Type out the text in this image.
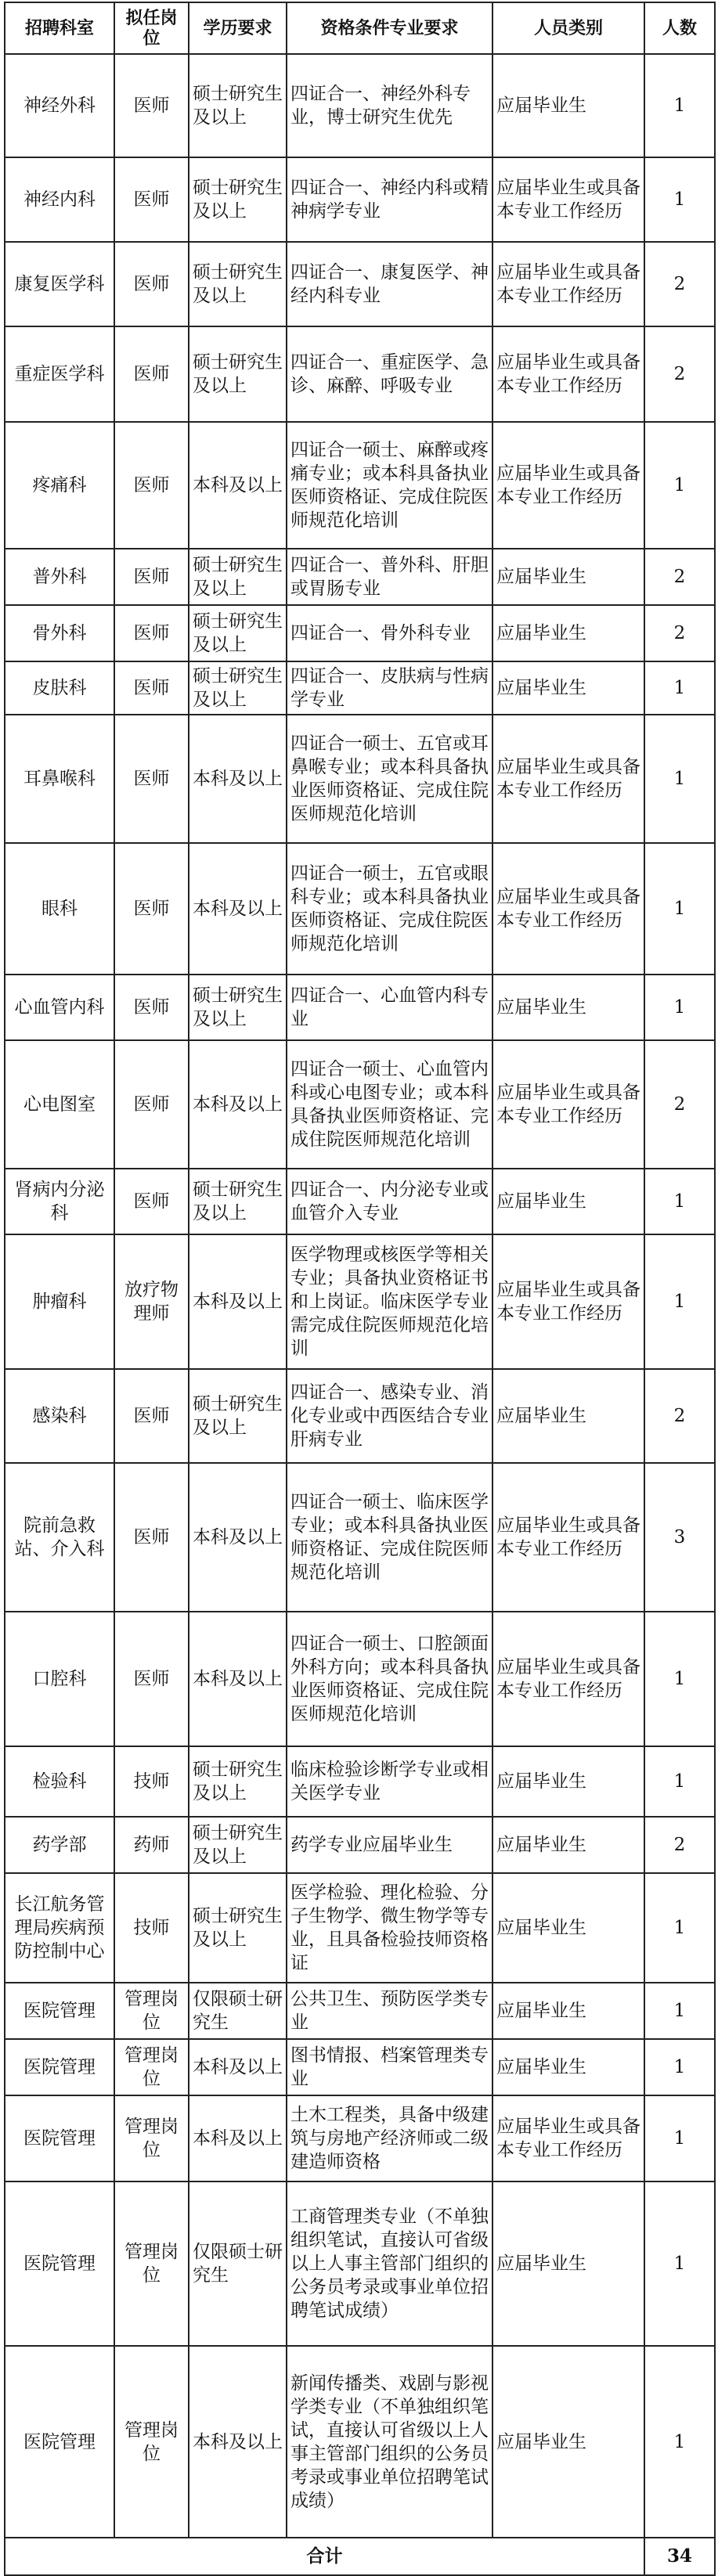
招聘科室	拟任岗位	学历要求	资格条件专业要求	人员类别	人数
神经外科	医师	硕士研究生及以上	四证合一、神经外科专业，博士研究生优先	应届毕业生	1
神经内科	医师	硕士研究生及以上	四证合一、神经内科或精神病学专业	应届毕业生或具备本专业工作经历	1
康复医学科	医师	硕士研究生及以上	四证合一、康复医学、神经内科专业	应届毕业生或具备本专业工作经历	2
重症医学科	医师	硕士研究生及以上	四证合一、重症医学、急诊、麻醉、呼吸专业	应届毕业生或具备本专业工作经历	2
疼痛科	医师	本科及以上	四证合一硕士、麻醉或疼痛专业；或本科具备执业医师资格证、完成住院医师规范化培训	应届毕业生或具备本专业工作经历	1
普外科	医师	硕士研究生及以上	四证合一、普外科、肝胆或胃肠专业	应届毕业生	2
骨外科	医师	硕士研究生及以上	四证合一、骨外科专业	应届毕业生	2
皮肤科	医师	硕士研究生及以上	四证合一、皮肤病与性病学专业	应届毕业生	1
耳鼻喉科	医师	本科及以上	四证合一硕士、五官或耳鼻喉专业；或本科具备执业医师资格证、完成住院医师规范化培训	应届毕业生或具备本专业工作经历	1
眼科	医师	本科及以上	四证合一硕士，五官或眼科专业；或本科具备执业医师资格证、完成住院医师规范化培训	应届毕业生或具备本专业工作经历	1
心血管内科	医师	硕士研究生及以上	四证合一、心血管内科专业	应届毕业生	1
心电图室	医师	本科及以上	四证合一硕士、心血管内科或心电图专业；或本科具备执业医师资格证、完成住院医师规范化培训	应届毕业生或具备本专业工作经历	2
肾病内分泌科	医师	硕士研究生及以上	四证合一、内分泌专业或血管介入专业	应届毕业生	1
肿瘤科	放疗物理师	本科及以上	医学物理或核医学等相关专业；具备执业资格证书和上岗证。临床医学专业需完成住院医师规范化培训	应届毕业生或具备本专业工作经历	1
感染科	医师	硕士研究生及以上	四证合一、感染专业、消化专业或中西医结合专业肝病专业	应届毕业生	2
院前急救站、介入科	医师	本科及以上	四证合一硕士、临床医学专业；或本科具备执业医师资格证、完成住院医师规范化培训	应届毕业生或具备本专业工作经历	3
口腔科	医师	本科及以上	四证合一硕士、口腔颌面外科方向；或本科具备执业医师资格证、完成住院医师规范化培训	应届毕业生或具备本专业工作经历	1
检验科	技师	硕士研究生及以上	临床检验诊断学专业或相关医学专业	应届毕业生	1
药学部	药师	硕士研究生及以上	药学专业应届毕业生	应届毕业生	2
长江航务管理局疾病预防控制中心	技师	硕士研究生及以上	医学检验、理化检验、分子生物学、微生物学等专业，且具备检验技师资格证	应届毕业生	1
医院管理	管理岗位	仅限硕士研究生	公共卫生、预防医学类专业	应届毕业生	1
医院管理	管理岗位	本科及以上	图书情报、档案管理类专业	应届毕业生	1
医院管理	管理岗位	本科及以上	土木工程类，具备中级建筑与房地产经济师或二级建造师资格	应届毕业生或具备本专业工作经历	1
医院管理	管理岗位	仅限硕士研究生	工商管理类专业（不单独组织笔试，直接认可省级以上人事主管部门组织的公务员考录或事业单位招聘笔试成绩）	应届毕业生	1
医院管理	管理岗位	本科及以上	新闻传播类、戏剧与影视学类专业（不单独组织笔试，直接认可省级以上人事主管部门组织的公务员考录或事业单位招聘笔试成绩）	应届毕业生	1
合计					34
